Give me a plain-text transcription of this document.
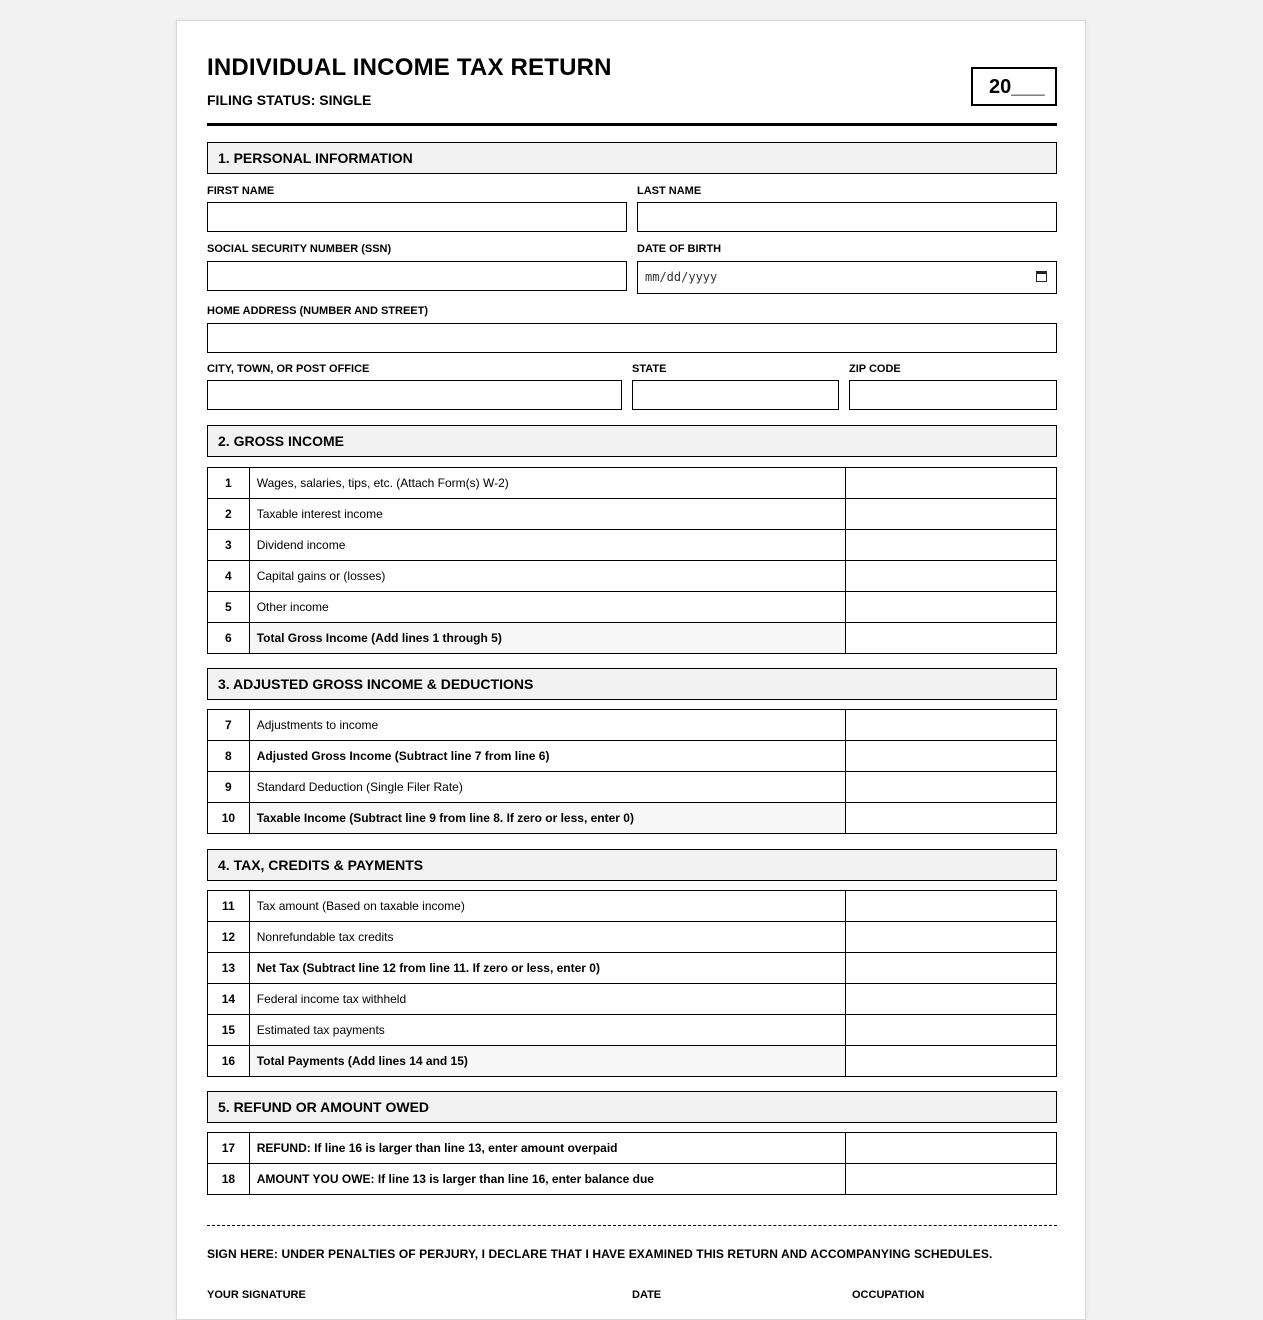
INDIVIDUAL INCOME TAX RETURN
FILING STATUS: SINGLE
20___
1. PERSONAL INFORMATION
FIRST NAME	LAST NAME
SOCIAL SECURITY NUMBER (SSN)	DATE OF BIRTH
mm/dd/yyyy
HOME ADDRESS (NUMBER AND STREET)
CITY, TOWN, OR POST OFFICE	STATE	ZIP CODE
2. GROSS INCOME
1	Wages, salaries, tips, etc. (Attach Form(s) W-2)	
2	Taxable interest income	
3	Dividend income	
4	Capital gains or (losses)	
5	Other income	
6	Total Gross Income (Add lines 1 through 5)	
3. ADJUSTED GROSS INCOME & DEDUCTIONS
7	Adjustments to income	
8	Adjusted Gross Income (Subtract line 7 from line 6)	
9	Standard Deduction (Single Filer Rate)	
10	Taxable Income (Subtract line 9 from line 8. If zero or less, enter 0)	
4. TAX, CREDITS & PAYMENTS
11	Tax amount (Based on taxable income)	
12	Nonrefundable tax credits	
13	Net Tax (Subtract line 12 from line 11. If zero or less, enter 0)	
14	Federal income tax withheld	
15	Estimated tax payments	
16	Total Payments (Add lines 14 and 15)	
5. REFUND OR AMOUNT OWED
17	REFUND: If line 16 is larger than line 13, enter amount overpaid	
18	AMOUNT YOU OWE: If line 13 is larger than line 16, enter balance due	
SIGN HERE: UNDER PENALTIES OF PERJURY, I DECLARE THAT I HAVE EXAMINED THIS RETURN AND ACCOMPANYING SCHEDULES.
YOUR SIGNATURE	DATE	OCCUPATION
